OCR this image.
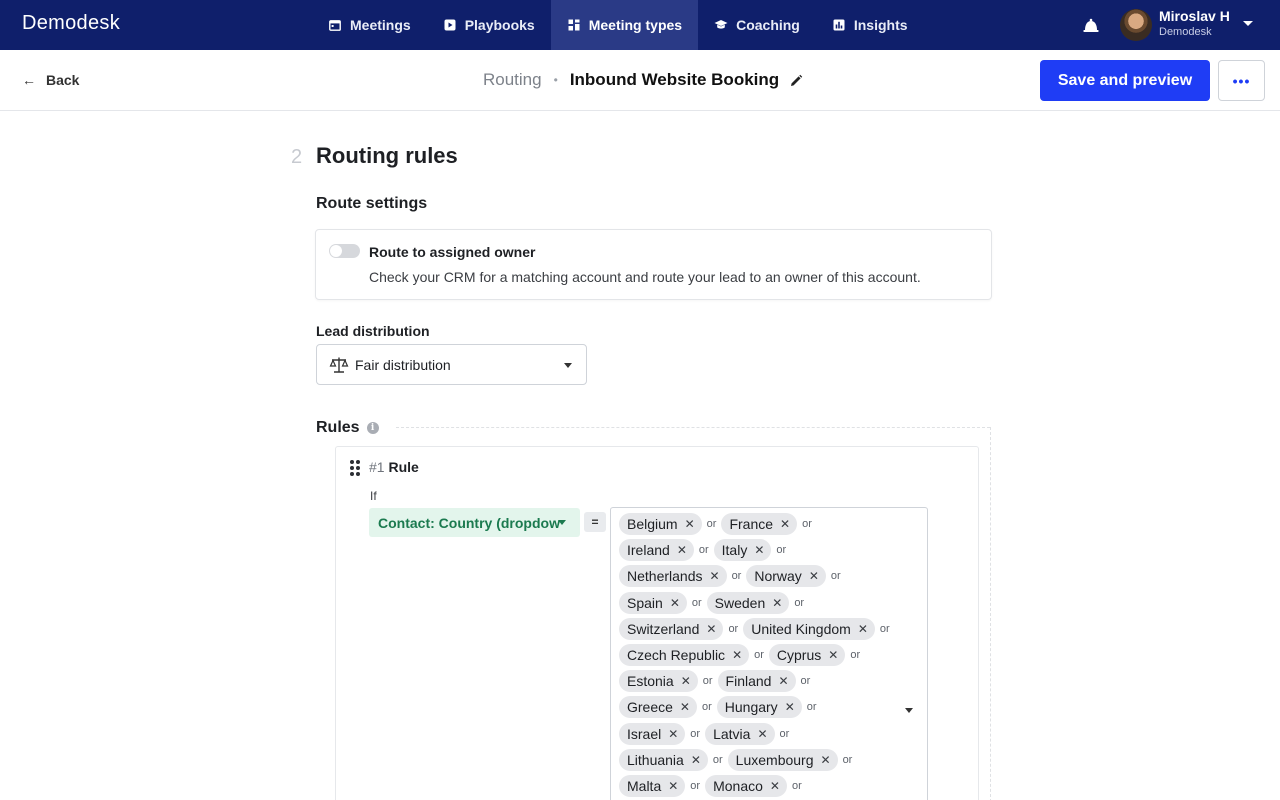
Demodesk	Meetings	Playbooks	Meeting types	Coaching	Insights
Miroslav H
Demodesk
← Back	Routing • Inbound Website Booking	Save and preview	•••
2 Routing rules
Route settings
Route to assigned owner
Check your CRM for a matching account and route your lead to an owner of this account.
Lead distribution
Fair distribution
Rules	i
#1 Rule
If
Contact: Country (dropdow	=	Belgium ✕ or France ✕ or
Ireland ✕ or Italy ✕ or
Netherlands ✕ or Norway ✕ or
Spain ✕ or Sweden ✕ or
Switzerland ✕ or United Kingdom ✕ or
Czech Republic ✕ or Cyprus ✕ or
Estonia ✕ or Finland ✕ or
Greece ✕ or Hungary ✕ or
Israel ✕ or Latvia ✕ or
Lithuania ✕ or Luxembourg ✕ or
Malta ✕ or Monaco ✕ or
